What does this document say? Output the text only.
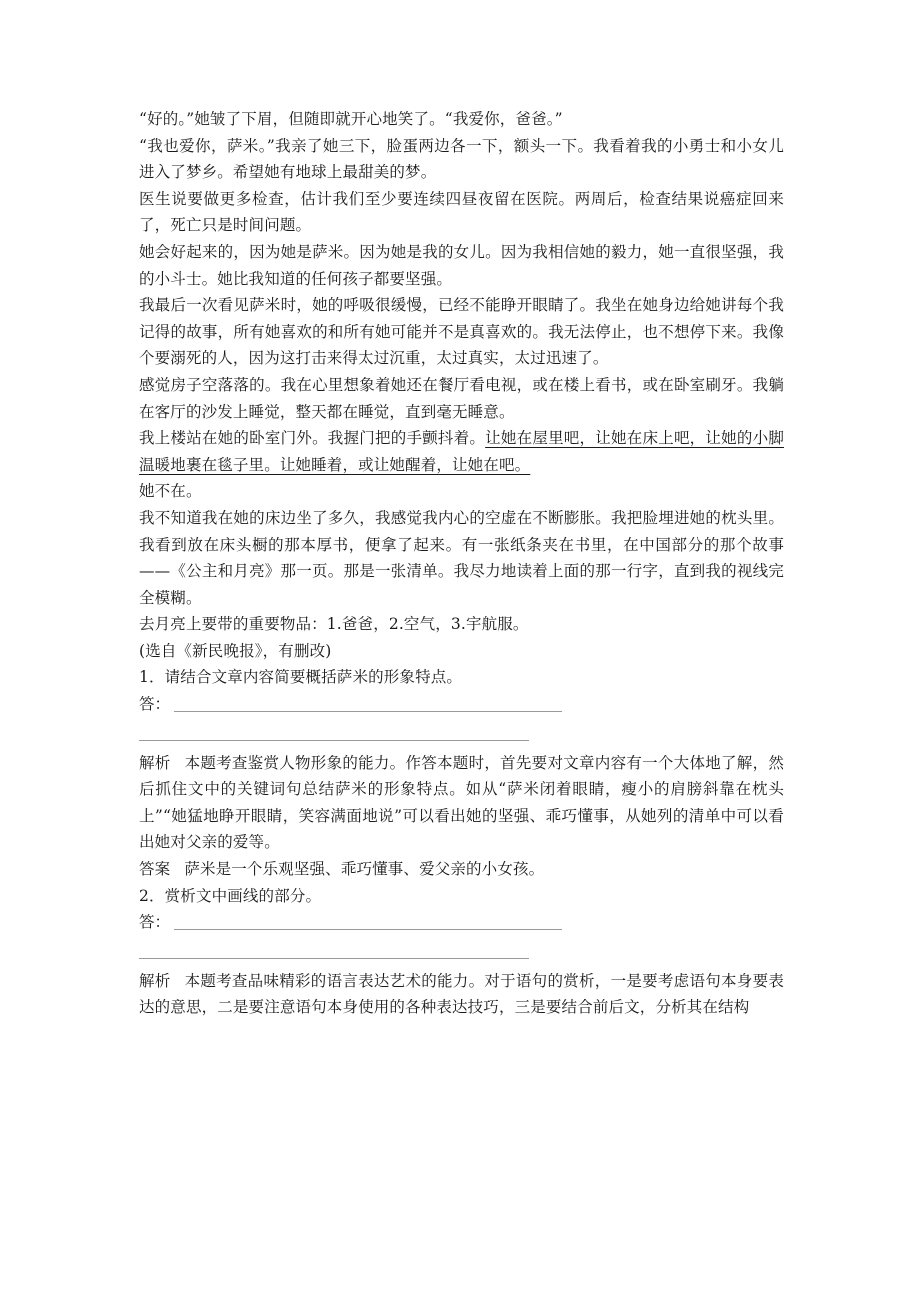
“好的。”她皱了下眉，但随即就开心地笑了。“我爱你，爸爸。”

“我也爱你，萨米。”我亲了她三下，脸蛋两边各一下，额头一下。我看着我的小勇士和小女儿进入了梦乡。希望她有地球上最甜美的梦。

医生说要做更多检查，估计我们至少要连续四昼夜留在医院。两周后，检查结果说癌症回来了，死亡只是时间问题。

她会好起来的，因为她是萨米。因为她是我的女儿。因为我相信她的毅力，她一直很坚强，我的小斗士。她比我知道的任何孩子都要坚强。

我最后一次看见萨米时，她的呼吸很缓慢，已经不能睁开眼睛了。我坐在她身边给她讲每个我记得的故事，所有她喜欢的和所有她可能并不是真喜欢的。我无法停止，也不想停下来。我像个要溺死的人，因为这打击来得太过沉重，太过真实，太过迅速了。

感觉房子空落落的。我在心里想象着她还在餐厅看电视，或在楼上看书，或在卧室刷牙。我躺在客厅的沙发上睡觉，整天都在睡觉，直到毫无睡意。

我上楼站在她的卧室门外。我握门把的手颤抖着。让她在屋里吧，让她在床上吧，让她的小脚温暖地裹在毯子里。让她睡着，或让她醒着，让她在吧。

她不在。

我不知道我在她的床边坐了多久，我感觉我内心的空虚在不断膨胀。我把脸埋进她的枕头里。我看到放在床头橱的那本厚书，便拿了起来。有一张纸条夹在书里，在中国部分的那个故事——《公主和月亮》那一页。那是一张清单。我尽力地读着上面的那一行字，直到我的视线完全模糊。

去月亮上要带的重要物品：1.爸爸，2.空气，3.宇航服。

(选自《新民晚报》，有删改)

1．请结合文章内容简要概括萨米的形象特点。

答：

解析 本题考查鉴赏人物形象的能力。作答本题时，首先要对文章内容有一个大体地了解，然后抓住文中的关键词句总结萨米的形象特点。如从“萨米闭着眼睛，瘦小的肩膀斜靠在枕头上”“她猛地睁开眼睛，笑容满面地说”可以看出她的坚强、乖巧懂事，从她列的清单中可以看出她对父亲的爱等。

答案 萨米是一个乐观坚强、乖巧懂事、爱父亲的小女孩。

2．赏析文中画线的部分。

答：

解析 本题考查品味精彩的语言表达艺术的能力。对于语句的赏析，一是要考虑语句本身要表达的意思，二是要注意语句本身使用的各种表达技巧，三是要结合前后文，分析其在结构
